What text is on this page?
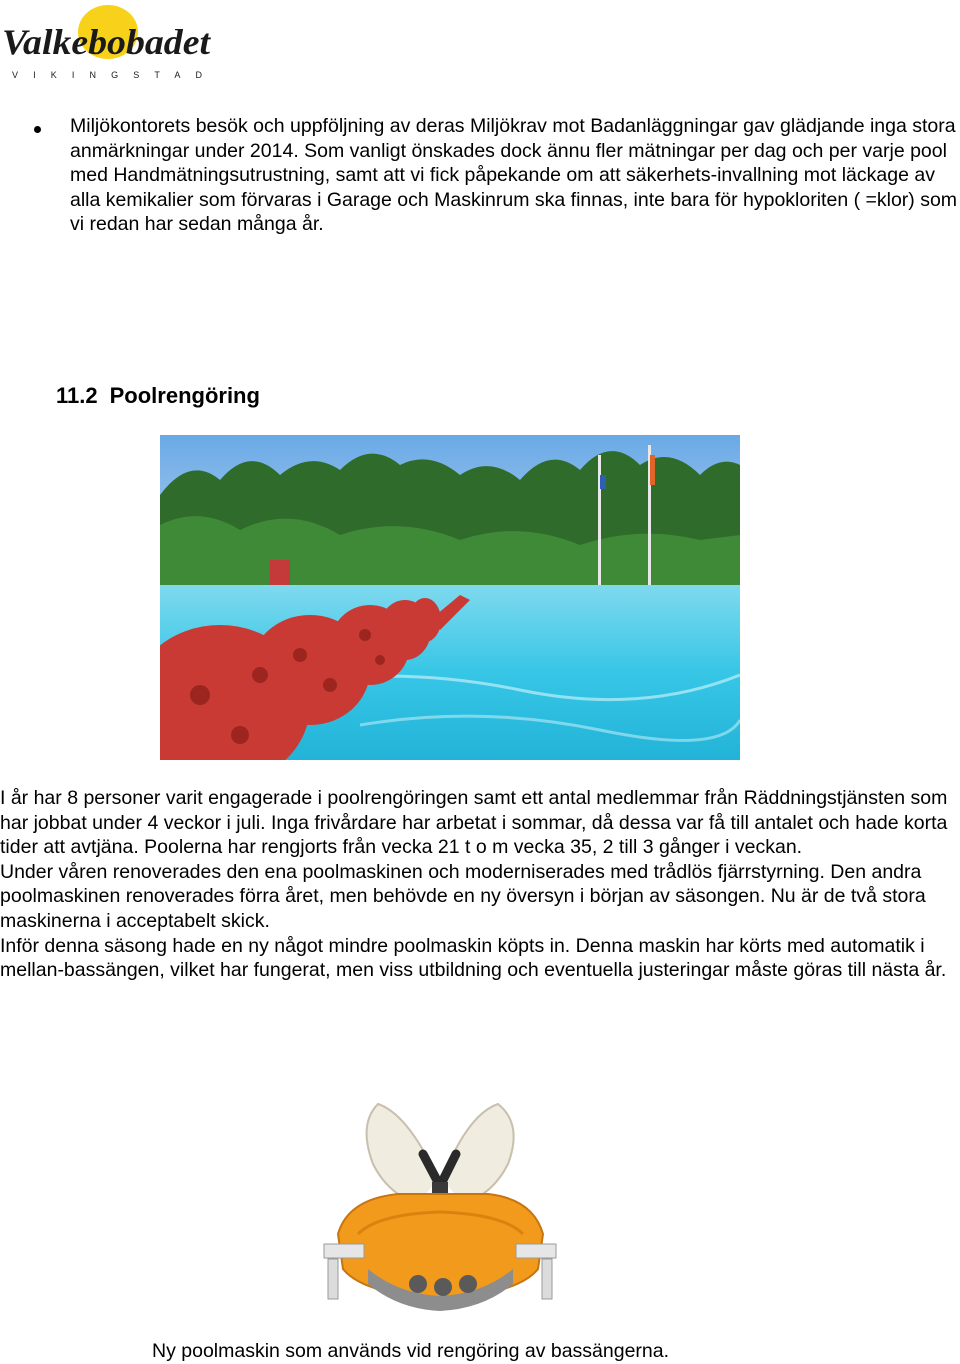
Valkebobadet
VIKINGSTAD
Miljökontorets besök och uppföljning av deras Miljökrav mot Badanläggningar gav glädjande inga stora anmärkningar under 2014. Som vanligt önskades dock ännu fler mätningar per dag och per varje pool med Handmätningsutrustning, samt att vi fick påpekande om att säkerhets-invallning mot läckage av alla kemikalier som förvaras i Garage och Maskinrum ska finnas, inte bara för hypokloriten ( =klor) som vi redan har sedan många år.
11.2 Poolrengöring

I år har 8 personer varit engagerade i poolrengöringen samt ett antal medlemmar från Räddningstjänsten som har jobbat under 4 veckor i juli. Inga frivårdare har arbetat i sommar, då dessa var få till antalet och hade korta tider att avtjäna. Poolerna har rengjorts från vecka 21 t o m vecka 35, 2 till 3 gånger i veckan.

Under våren renoverades den ena poolmaskinen och moderniserades med trådlös fjärrstyrning. Den andra poolmaskinen renoverades förra året, men behövde en ny översyn i början av säsongen. Nu är de två stora maskinerna i acceptabelt skick.

Inför denna säsong hade en ny något mindre poolmaskin köpts in. Denna maskin har körts med automatik i mellan-bassängen, vilket har fungerat, men viss utbildning och eventuella justeringar måste göras till nästa år.

Ny poolmaskin som används vid rengöring av bassängerna.
